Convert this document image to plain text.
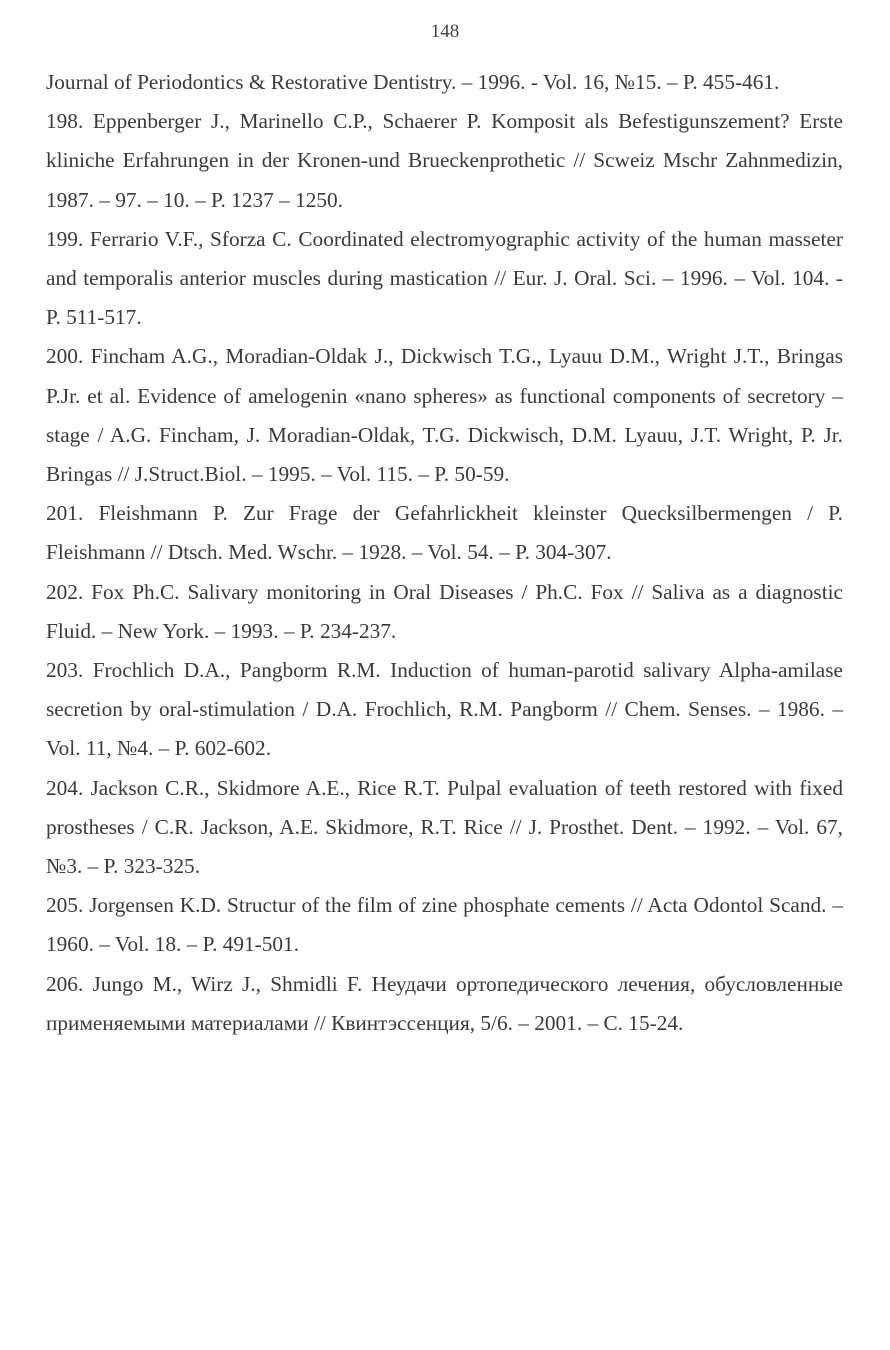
148

Journal of Periodontics & Restorative Dentistry. – 1996. - Vol. 16, №15. – P. 455-461.

198. Eppenberger J., Marinello C.P., Schaerer P. Komposit als Befestigunszement? Erste kliniche Erfahrungen in der Kronen-und Brueckenprothetic // Scweiz Mschr Zahnmedizin, 1987. – 97. – 10. – P. 1237 – 1250.

199. Ferrario V.F., Sforza C. Coordinated electromyographic activity of the human masseter and temporalis anterior muscles during mastication // Eur. J. Oral. Sci. – 1996. – Vol. 104. - P. 511-517.

200. Fincham A.G., Moradian-Oldak J., Dickwisch T.G., Lyauu D.M., Wright J.T., Bringas P.Jr. et al. Evidence of amelogenin «nano spheres» as functional components of secretory – stage / A.G. Fincham, J. Moradian-Oldak, T.G. Dickwisch, D.M. Lyauu, J.T. Wright, P. Jr. Bringas // J.Struct.Biol. – 1995. – Vol. 115. – P. 50-59.

201. Fleishmann P. Zur Frage der Gefahrlickheit kleinster Quecksilbermengen / P. Fleishmann // Dtsch. Med. Wschr. – 1928. – Vol. 54. – P. 304-307.

202. Fox Ph.C. Salivary monitoring in Oral Diseases / Ph.C. Fox // Saliva as a diagnostic Fluid. – New York. – 1993. – P. 234-237.

203. Frochlich D.A., Pangborm R.M. Induction of human-parotid salivary Alpha-amilase secretion by oral-stimulation / D.A. Frochlich, R.M. Pangborm // Chem. Senses. – 1986. – Vol. 11, №4. – P. 602-602.

204. Jackson C.R., Skidmore A.E., Rice R.T. Pulpal evaluation of teeth restored with fixed prostheses / C.R. Jackson, A.E. Skidmore, R.T. Rice // J. Prosthet. Dent. – 1992. – Vol. 67, №3. – P. 323-325.

205. Jorgensen K.D. Structur of the film of zine phosphate cements // Acta Odontol Scand. – 1960. – Vol. 18. – P. 491-501.

206. Jungo M., Wirz J., Shmidli F. Неудачи ортопедического лечения, обусловленные применяемыми материалами // Квинтэссенция, 5/6. – 2001. – С. 15-24.
